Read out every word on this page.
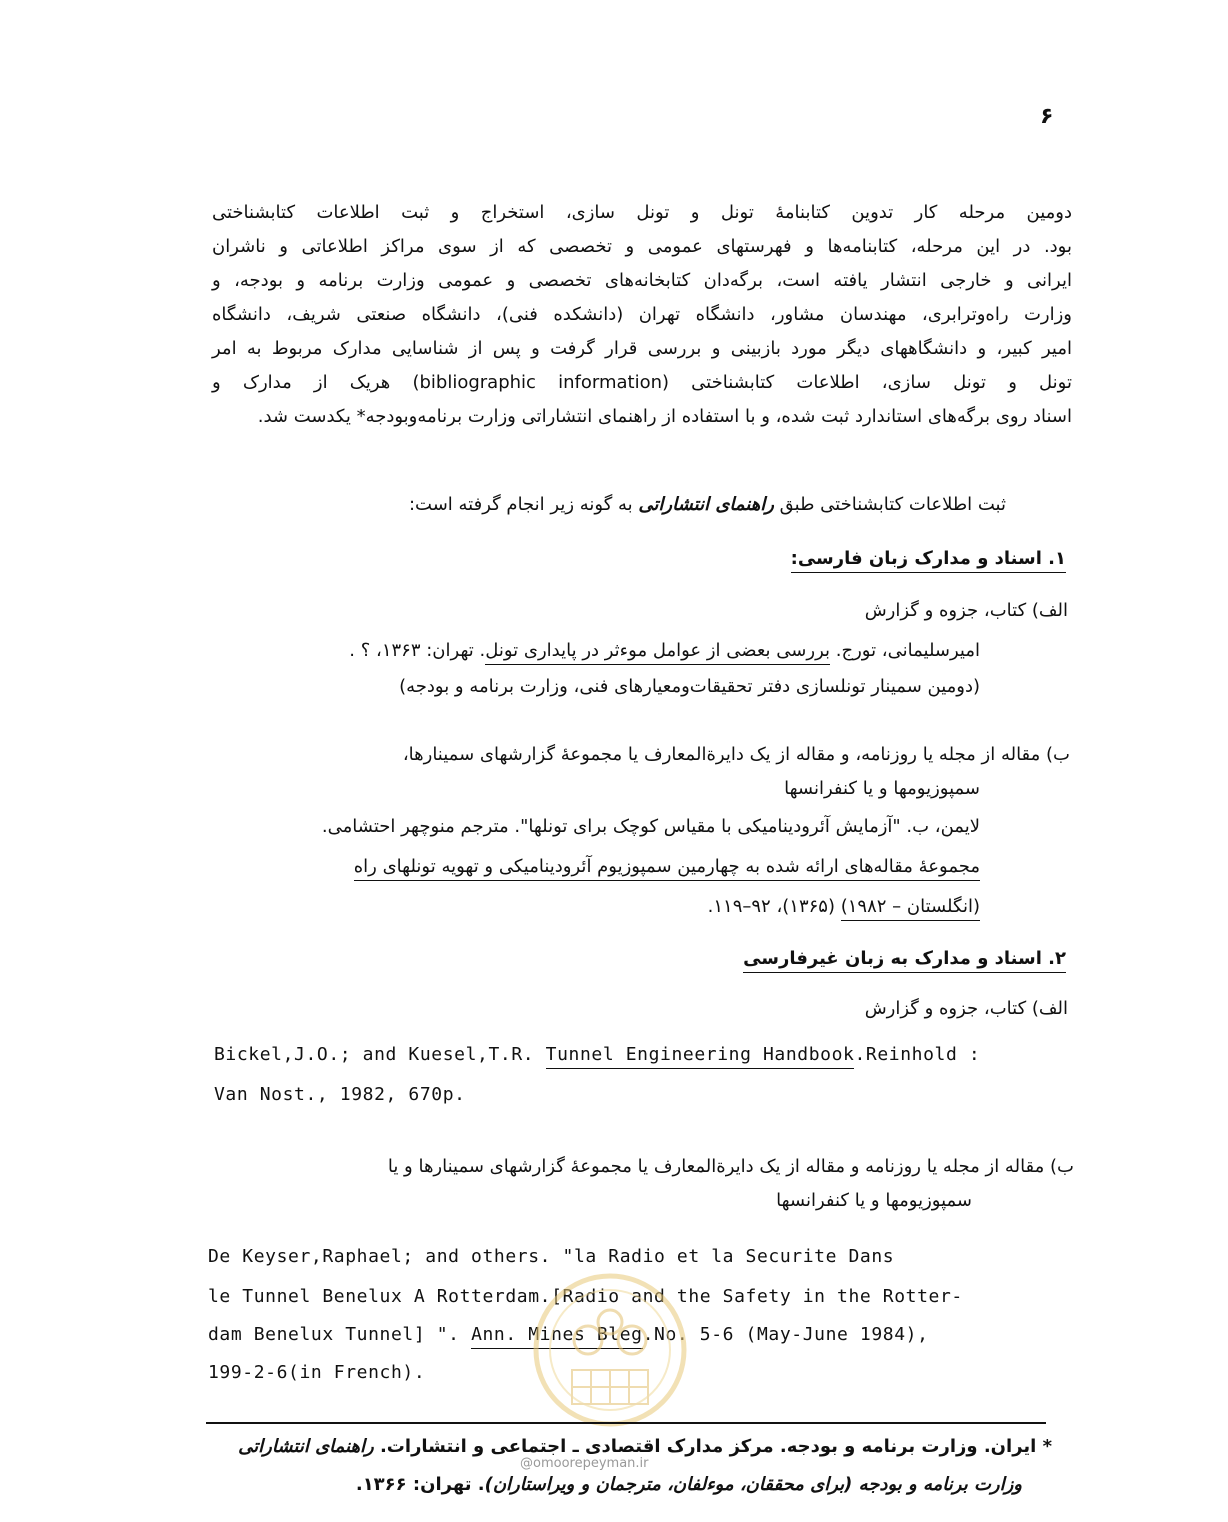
۶
دومین مرحله کار تدوین کتابنامهٔ تونل و تونل سازی، استخراج و ثبت اطلاعات کتابشناختی
بود. در این مرحله، کتابنامه‌ها و فهرستهای عمومی و تخصصی که از سوی مراکز اطلاعاتی و ناشران
ایرانی و خارجی انتشار یافته است، برگه‌دان کتابخانه‌های تخصصی و عمومی وزارت برنامه و بودجه، و
وزارت راه‌وترابری، مهندسان مشاور، دانشگاه تهران (دانشکده فنی)، دانشگاه صنعتی شریف، دانشگاه
امیر کبیر، و دانشگاههای دیگر مورد بازبینی و بررسی قرار گرفت و پس از شناسایی مدارک مربوط به امر
تونل و تونل سازی، اطلاعات کتابشناختی (bibliographic information) هریک از مدارک و
اسناد روی برگه‌های استاندارد ثبت شده، و با استفاده از راهنمای انتشاراتی وزارت برنامه‌وبودجه* یکدست شد.
ثبت اطلاعات کتابشناختی طبق راهنمای انتشاراتی به گونه زیر انجام گرفته است:
۱. اسناد و مدارک زبان فارسی:
الف) کتاب، جزوه و گزارش
امیرسلیمانی، تورج. بررسی بعضی از عوامل موءثر در پایداری تونل. تهران: ۱۳۶۳، ؟ .
(دومین سمینار تونلسازی دفتر تحقیقات‌ومعیارهای فنی، وزارت برنامه و بودجه)
ب) مقاله از مجله یا روزنامه، و مقاله از یک دایرة‌المعارف یا مجموعهٔ گزارشهای سمینارها،
سمپوزیومها و یا کنفرانسها
لایمن، ب. "آزمایش آئرودینامیکی با مقیاس کوچک برای تونلها". مترجم منوچهر احتشامی.
مجموعهٔ مقاله‌های ارائه شده به چهارمین سمپوزیوم آئرودینامیکی و تهویه تونلهای راه
(انگلستان – ۱۹۸۲) (۱۳۶۵)، ۹۲–۱۱۹.
۲. اسناد و مدارک به زبان غیرفارسی
الف) کتاب، جزوه و گزارش
Bickel,J.O.; and Kuesel,T.R. Tunnel Engineering Handbook.Reinhold :
Van Nost., 1982, 670p.
ب) مقاله از مجله یا روزنامه و مقاله از یک دایرة‌المعارف یا مجموعهٔ گزارشهای سمینارها و یا
سمپوزیومها و یا کنفرانسها
De Keyser,Raphael; and others. "la Radio et la Securite Dans
le Tunnel Benelux A Rotterdam.[Radio and the Safety in the Rotter-
dam Benelux Tunnel] ". Ann. Mines Bleg.No. 5-6 (May-June 1984),
199-2-6(in French).
* ایران. وزارت برنامه و بودجه. مرکز مدارک اقتصادی ـ اجتماعی و انتشارات. راهنمای انتشاراتی
وزارت برنامه و بودجه (برای محققان، موءلفان، مترجمان و ویراستاران). تهران: ۱۳۶۶.
@omoorepeyman.ir
